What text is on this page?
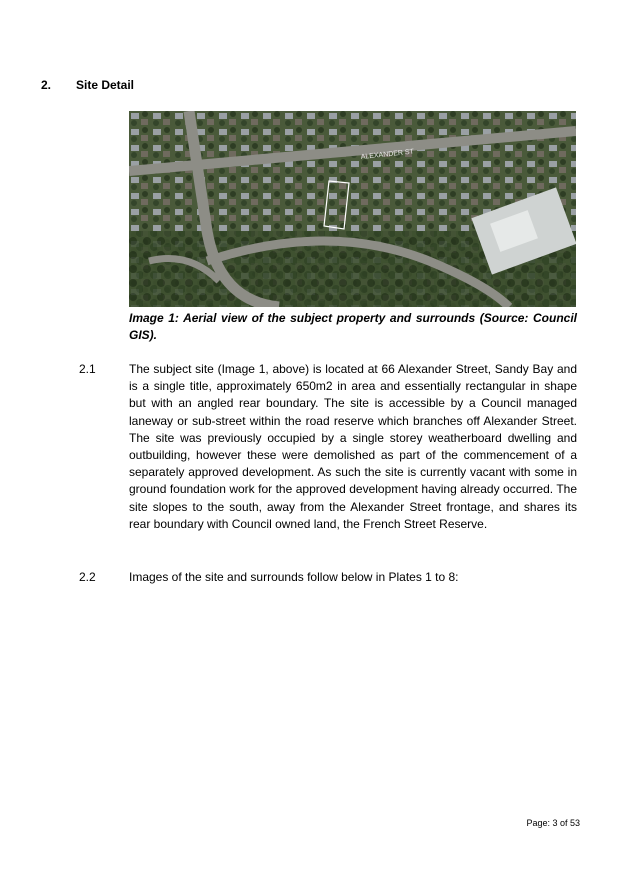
2. Site Detail
ALEXANDER ST
Image 1: Aerial view of the subject property and surrounds (Source: Council GIS).
2.1	The subject site (Image 1, above) is located at 66 Alexander Street, Sandy Bay and is a single title, approximately 650m2 in area and essentially rectangular in shape but with an angled rear boundary. The site is accessible by a Council managed laneway or sub-street within the road reserve which branches off Alexander Street. The site was previously occupied by a single storey weatherboard dwelling and outbuilding, however these were demolished as part of the commencement of a separately approved development. As such the site is currently vacant with some in ground foundation work for the approved development having already occurred. The site slopes to the south, away from the Alexander Street frontage, and shares its rear boundary with Council owned land, the French Street Reserve.
2.2	Images of the site and surrounds follow below in Plates 1 to 8:
Page: 3 of 53
